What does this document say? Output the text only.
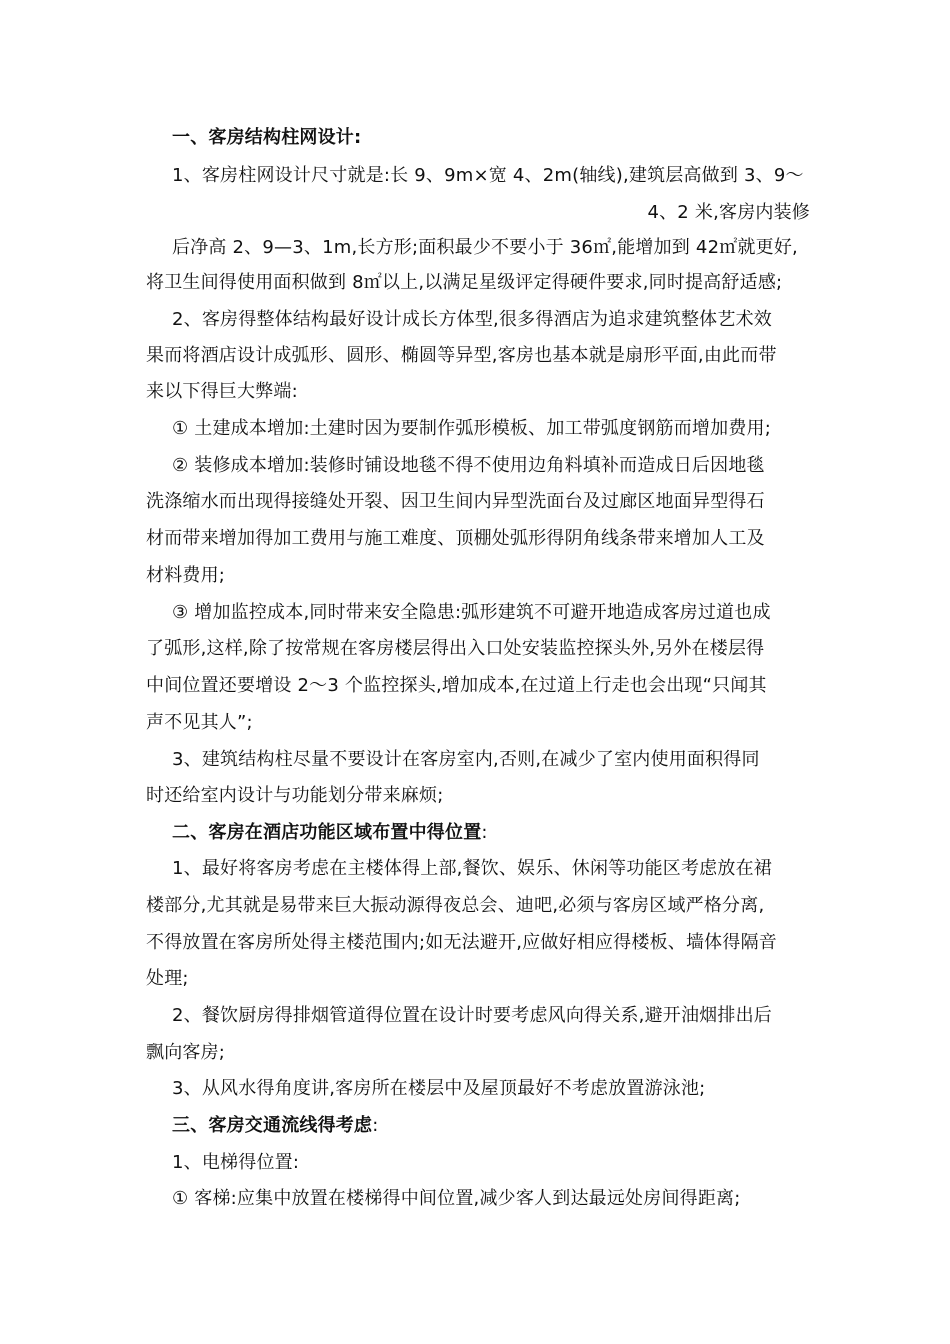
一、客房结构柱网设计:
1、客房柱网设计尺寸就是:长 9、9m×宽 4、2m(轴线),建筑层高做到 3、9～
4、2 米,客房内装修
后净高 2、9—3、1m,长方形;面积最少不要小于 36㎡,能增加到 42㎡就更好,
将卫生间得使用面积做到 8㎡以上,以满足星级评定得硬件要求,同时提高舒适感;
2、客房得整体结构最好设计成长方体型,很多得酒店为追求建筑整体艺术效
果而将酒店设计成弧形、圆形、椭圆等异型,客房也基本就是扇形平面,由此而带
来以下得巨大弊端:
① 土建成本增加:土建时因为要制作弧形模板、加工带弧度钢筋而增加费用;
② 装修成本增加:装修时铺设地毯不得不使用边角料填补而造成日后因地毯
洗涤缩水而出现得接缝处开裂、因卫生间内异型洗面台及过廊区地面异型得石
材而带来增加得加工费用与施工难度、顶棚处弧形得阴角线条带来增加人工及
材料费用;
③ 增加监控成本,同时带来安全隐患:弧形建筑不可避开地造成客房过道也成
了弧形,这样,除了按常规在客房楼层得出入口处安装监控探头外,另外在楼层得
中间位置还要增设 2～3 个监控探头,增加成本,在过道上行走也会出现“只闻其
声不见其人”;
3、建筑结构柱尽量不要设计在客房室内,否则,在减少了室内使用面积得同
时还给室内设计与功能划分带来麻烦;
二、客房在酒店功能区域布置中得位置:
1、最好将客房考虑在主楼体得上部,餐饮、娱乐、休闲等功能区考虑放在裙
楼部分,尤其就是易带来巨大振动源得夜总会、迪吧,必须与客房区域严格分离,
不得放置在客房所处得主楼范围内;如无法避开,应做好相应得楼板、墙体得隔音
处理;
2、餐饮厨房得排烟管道得位置在设计时要考虑风向得关系,避开油烟排出后
飘向客房;
3、从风水得角度讲,客房所在楼层中及屋顶最好不考虑放置游泳池;
三、客房交通流线得考虑:
1、电梯得位置:
① 客梯:应集中放置在楼梯得中间位置,减少客人到达最远处房间得距离;
